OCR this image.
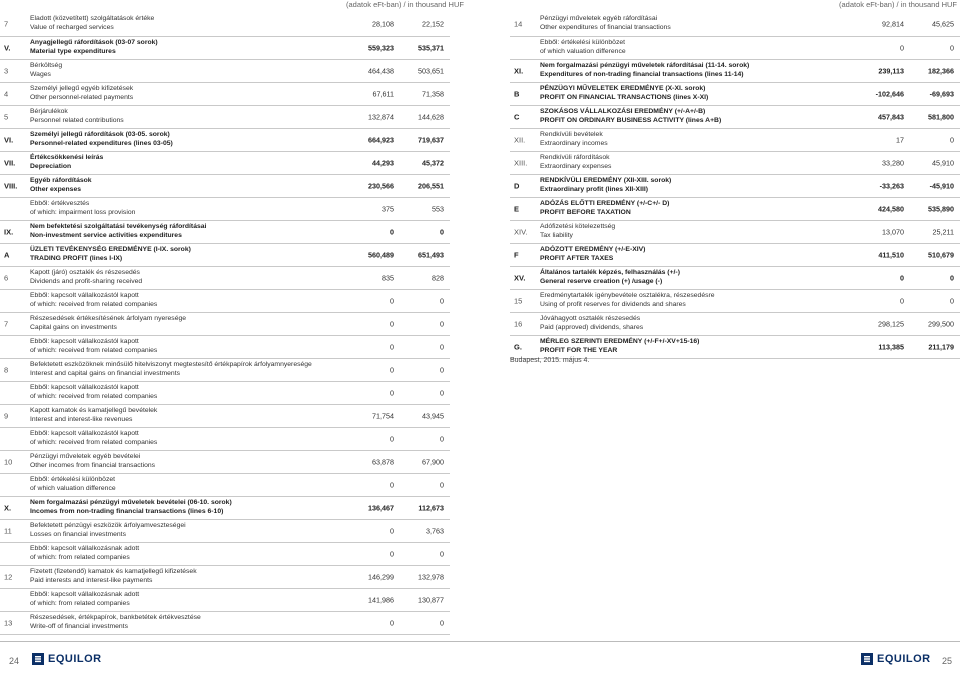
(adatok eFt-ban) / in thousand HUF	(adatok eFt-ban) / in thousand HUF
7
Eladott (közvetített) szolgáltatások értéke
Value of recharged services	28,108	22,152
V.
Anyagjellegű ráfordítások (03-07 sorok)
Material type expenditures	559,323	535,371
3
Bérköltség
Wages	464,438	503,651
4
Személyi jellegű egyéb kifizetések
Other personnel-related payments	67,611	71,358
5
Bérjárulékok
Personnel related contributions	132,874	144,628
VI.
Személyi jellegű ráfordítások (03-05. sorok)
Personnel-related expenditures (lines 03-05)	664,923	719,637
VII.
Értékcsökkenési leírás
Depreciation	44,293	45,372
VIII.
Egyéb ráfordítások
Other expenses	230,566	206,551
Ebből: értékvesztés
of which: impairment loss provision	375	553
IX.
Nem befektetési szolgáltatási tevékenység ráfordításai
Non-investment service activities expenditures	0	0
A
ÜZLETI TEVÉKENYSÉG EREDMÉNYE (I-IX. sorok)
TRADING PROFIT (lines I-IX)	560,489	651,493
6
Kapott (járó) osztalék és részesedés
Dividends and profit-sharing received	835	828
Ebből: kapcsolt vállalkozástól kapott
of which: received from related companies	0	0
7
Részesedések értékesítésének árfolyam nyeresége
Capital gains on investments	0	0
Ebből: kapcsolt vállalkozástól kapott
of which: received from related companies	0	0
8
Befektetett eszközöknek minősülő hitelviszonyt megtestesítő értékpapírok árfolyamnyeresége
Interest and capital gains on financial investments	0	0
Ebből: kapcsolt vállalkozástól kapott
of which: received from related companies	0	0
9
Kapott kamatok és kamatjellegű bevételek
Interest and interest-like revenues	71,754	43,945
Ebből: kapcsolt vállalkozástól kapott
of which: received from related companies	0	0
10
Pénzügyi műveletek egyéb bevételei
Other incomes from financial transactions	63,878	67,900
Ebből: értékelési különbözet
of which valuation difference	0	0
X.
Nem forgalmazási pénzügyi műveletek bevételei (06-10. sorok)
Incomes from non-trading financial transactions (lines 6-10)	136,467	112,673
11
Befektetett pénzügyi eszközök árfolyamveszteségei
Losses on financial investments	0	3,763
Ebből: kapcsolt vállalkozásnak adott
of which: from related companies	0	0
12
Fizetett (fizetendő) kamatok és kamatjellegű kifizetések
Paid interests and interest-like payments	146,299	132,978
Ebből: kapcsolt vállalkozásnak adott
of which: from related companies	141,986	130,877
13
Részesedések, értékpapírok, bankbetétek értékvesztése
Write-off of financial investments	0	0
14
Pénzügyi műveletek egyéb ráfordításai
Other expenditures of financial transactions	92,814	45,625
Ebből: értékelési különbözet
of which valuation difference	0	0
XI.
Nem forgalmazási pénzügyi műveletek ráfordításai (11-14. sorok)
Expenditures of non-trading financial transactions (lines 11-14)	239,113	182,366
B
PÉNZÜGYI MŰVELETEK EREDMÉNYE (X-XI. sorok)
PROFIT ON FINANCIAL TRANSACTIONS (lines X-XI)	-102,646	-69,693
C
SZOKÁSOS VÁLLALKOZÁSI EREDMÉNY (+/-A+/-B)
PROFIT ON ORDINARY BUSINESS ACTIVITY (lines A+B)	457,843	581,800
XII.
Rendkívüli bevételek
Extraordinary incomes	17	0
XIII.
Rendkívüli ráfordítások
Extraordinary expenses	33,280	45,910
D
RENDKÍVÜLI EREDMÉNY (XII-XIII. sorok)
Extraordinary profit (lines XII-XIII)	-33,263	-45,910
E
ADÓZÁS ELŐTTI EREDMÉNY (+/-C+/- D)
PROFIT BEFORE TAXATION	424,580	535,890
XIV.
Adófizetési kötelezettség
Tax liability	13,070	25,211
F
ADÓZOTT EREDMÉNY (+/-E-XIV)
PROFIT AFTER TAXES	411,510	510,679
XV.
Általános tartalék képzés, felhasználás (+/-)
General reserve creation (+) /usage (-)	0	0
15
Eredménytartalék igénybevétele osztalékra, részesedésre
Using of profit reserves for dividends and shares	0	0
16
Jóváhagyott osztalék részesedés
Paid (approved) dividends, shares	298,125	299,500
G.
MÉRLEG SZERINTI EREDMÉNY (+/-F+/-XV+15-16)
PROFIT FOR THE YEAR	113,385	211,179
Budapest, 2015. május 4.
24	EQUILOR	EQUILOR 25
